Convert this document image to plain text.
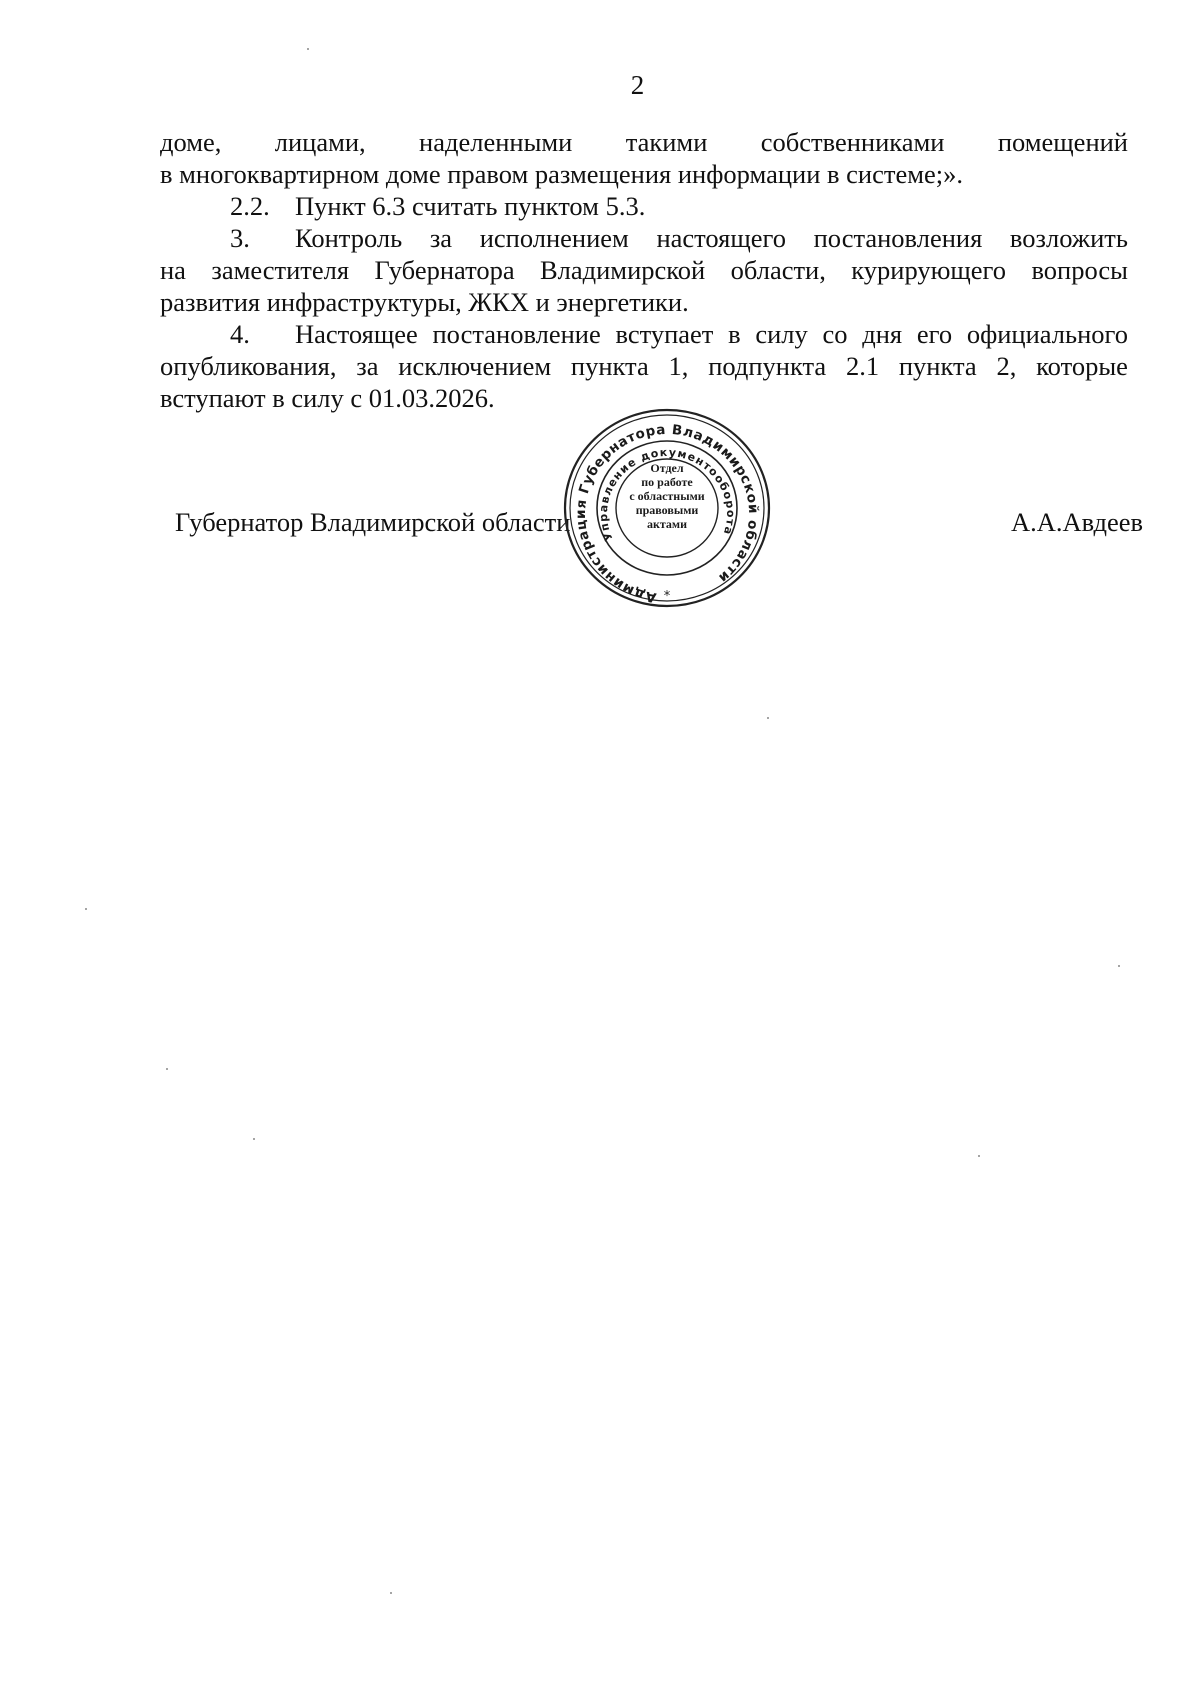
2
доме, лицами, наделенными такими собственниками помещений
в многоквартирном доме правом размещения информации в системе;».
2.2. Пункт 6.3 считать пунктом 5.3.
3.	Контроль за исполнением настоящего постановления возложить
на заместителя Губернатора Владимирской области, курирующего вопросы
развития инфраструктуры, ЖКХ и энергетики.
4.	Настоящее постановление вступает в силу со дня его официального
опубликования, за исключением пункта 1, подпункта 2.1 пункта 2, которые
вступают в силу с 01.03.2026.
Губернатор Владимирской области	А.А.Авдеев
Администрация Губернатора Владимирской области
Управление документооборота
*
Отдел
по работе
с областными
правовыми
актами
